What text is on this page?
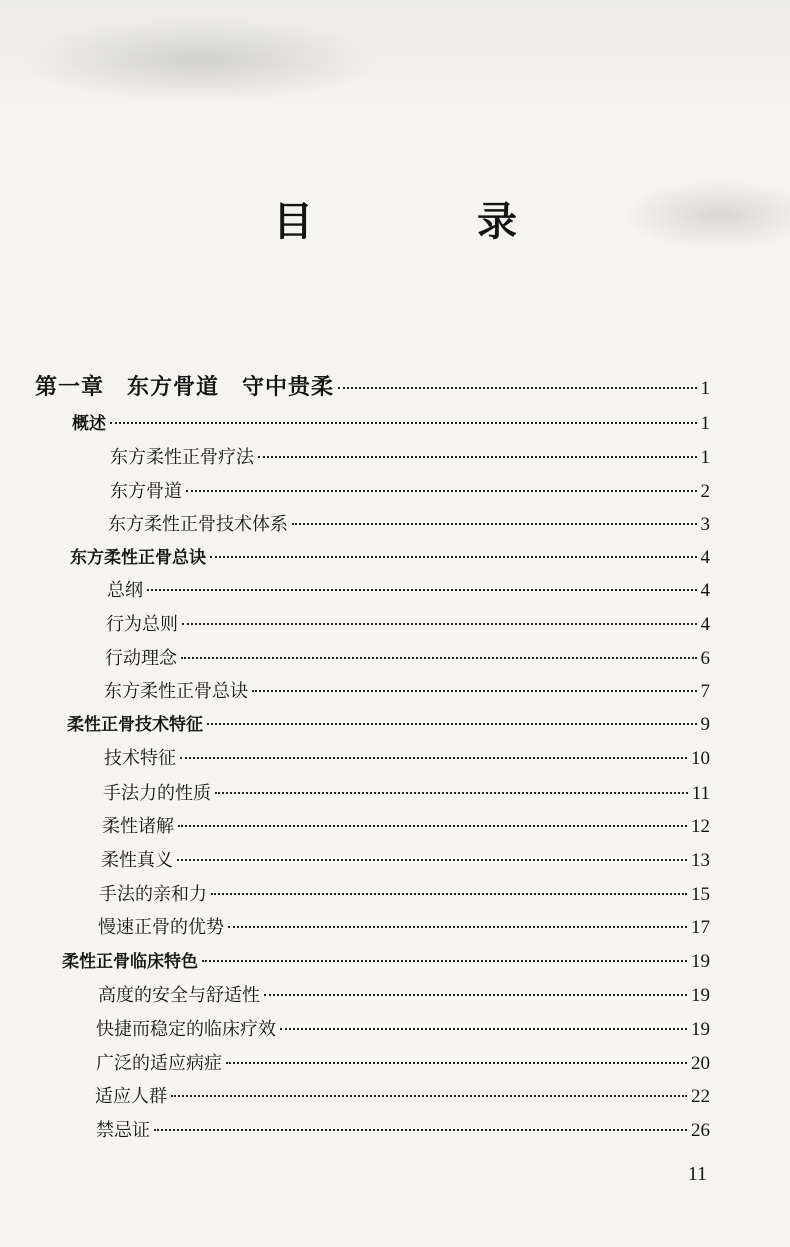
目　录
第一章　东方骨道　守中贵柔	1
概述	1
东方柔性正骨疗法	1
东方骨道	2
东方柔性正骨技术体系	3
东方柔性正骨总诀	4
总纲	4
行为总则	4
行动理念	6
东方柔性正骨总诀	7
柔性正骨技术特征	9
技术特征	10
手法力的性质	11
柔性诸解	12
柔性真义	13
手法的亲和力	15
慢速正骨的优势	17
柔性正骨临床特色	19
高度的安全与舒适性	19
快捷而稳定的临床疗效	19
广泛的适应病症	20
适应人群	22
禁忌证	26
11
